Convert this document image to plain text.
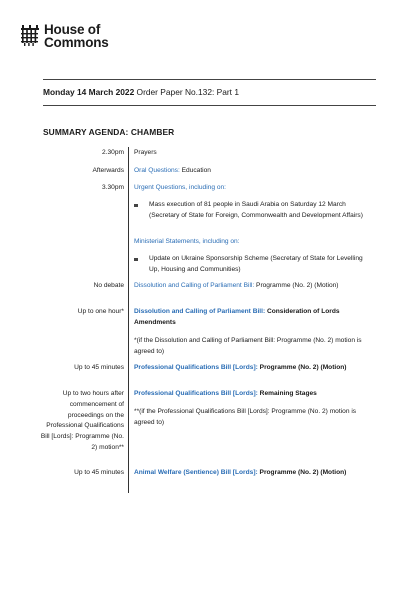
House of
Commons
Monday 14 March 2022 Order Paper No.132: Part 1
SUMMARY AGENDA: CHAMBER
2.30pm Prayers
Afterwards Oral Questions: Education
3.30pm Urgent Questions, including on:
Mass execution of 81 people in Saudi Arabia on Saturday 12 March (Secretary of State for Foreign, Commonwealth and Development Affairs)
Ministerial Statements, including on:
Update on Ukraine Sponsorship Scheme (Secretary of State for Levelling Up, Housing and Communities)
No debate Dissolution and Calling of Parliament Bill: Programme (No. 2) (Motion)
Up to one hour* Dissolution and Calling of Parliament Bill: Consideration of Lords Amendments
*(if the Dissolution and Calling of Parliament Bill: Programme (No. 2) motion is agreed to)
Up to 45 minutes Professional Qualifications Bill [Lords]: Programme (No. 2) (Motion)
Up to two hours after commencement of proceedings on the Professional Qualifications Bill [Lords]: Programme (No. 2) motion**
Professional Qualifications Bill [Lords]: Remaining Stages
**(if the Professional Qualifications Bill [Lords]: Programme (No. 2) motion is agreed to)
Up to 45 minutes Animal Welfare (Sentience) Bill [Lords]: Programme (No. 2) (Motion)
